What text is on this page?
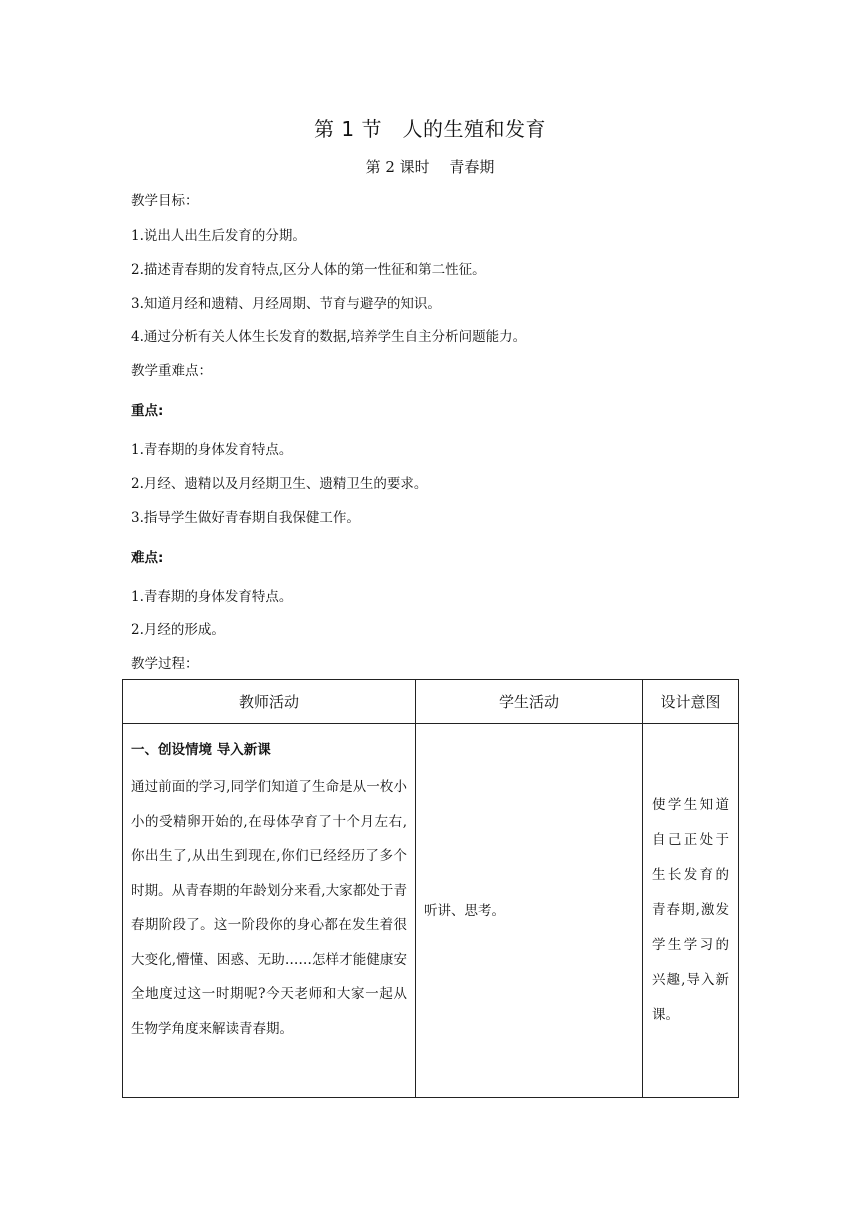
第 1 节　人的生殖和发育
第 2 课时　 青春期
教学目标：
1.说出人出生后发育的分期。
2.描述青春期的发育特点,区分人体的第一性征和第二性征。
3.知道月经和遗精、月经周期、节育与避孕的知识。
4.通过分析有关人体生长发育的数据,培养学生自主分析问题能力。
教学重难点：
重点:
1.青春期的身体发育特点。
2.月经、遗精以及月经期卫生、遗精卫生的要求。
3.指导学生做好青春期自我保健工作。
难点:
1.青春期的身体发育特点。
2.月经的形成。
教学过程：
教师活动	学生活动	设计意图

一、创设情境 导入新课
通过前面的学习,同学们知道了生命是从一枚小小的受精卵开始的,在母体孕育了十个月左右,你出生了,从出生到现在,你们已经经历了多个时期。从青春期的年龄划分来看,大家都处于青春期阶段了。这一阶段你的身心都在发生着很大变化,懵懂、困惑、无助……怎样才能健康安全地度过这一时期呢?今天老师和大家一起从生物学角度来解读青春期。	听讲、思考。	使学生知道自己正处于生长发育的青春期,激发学生学习的兴趣,导入新课。
